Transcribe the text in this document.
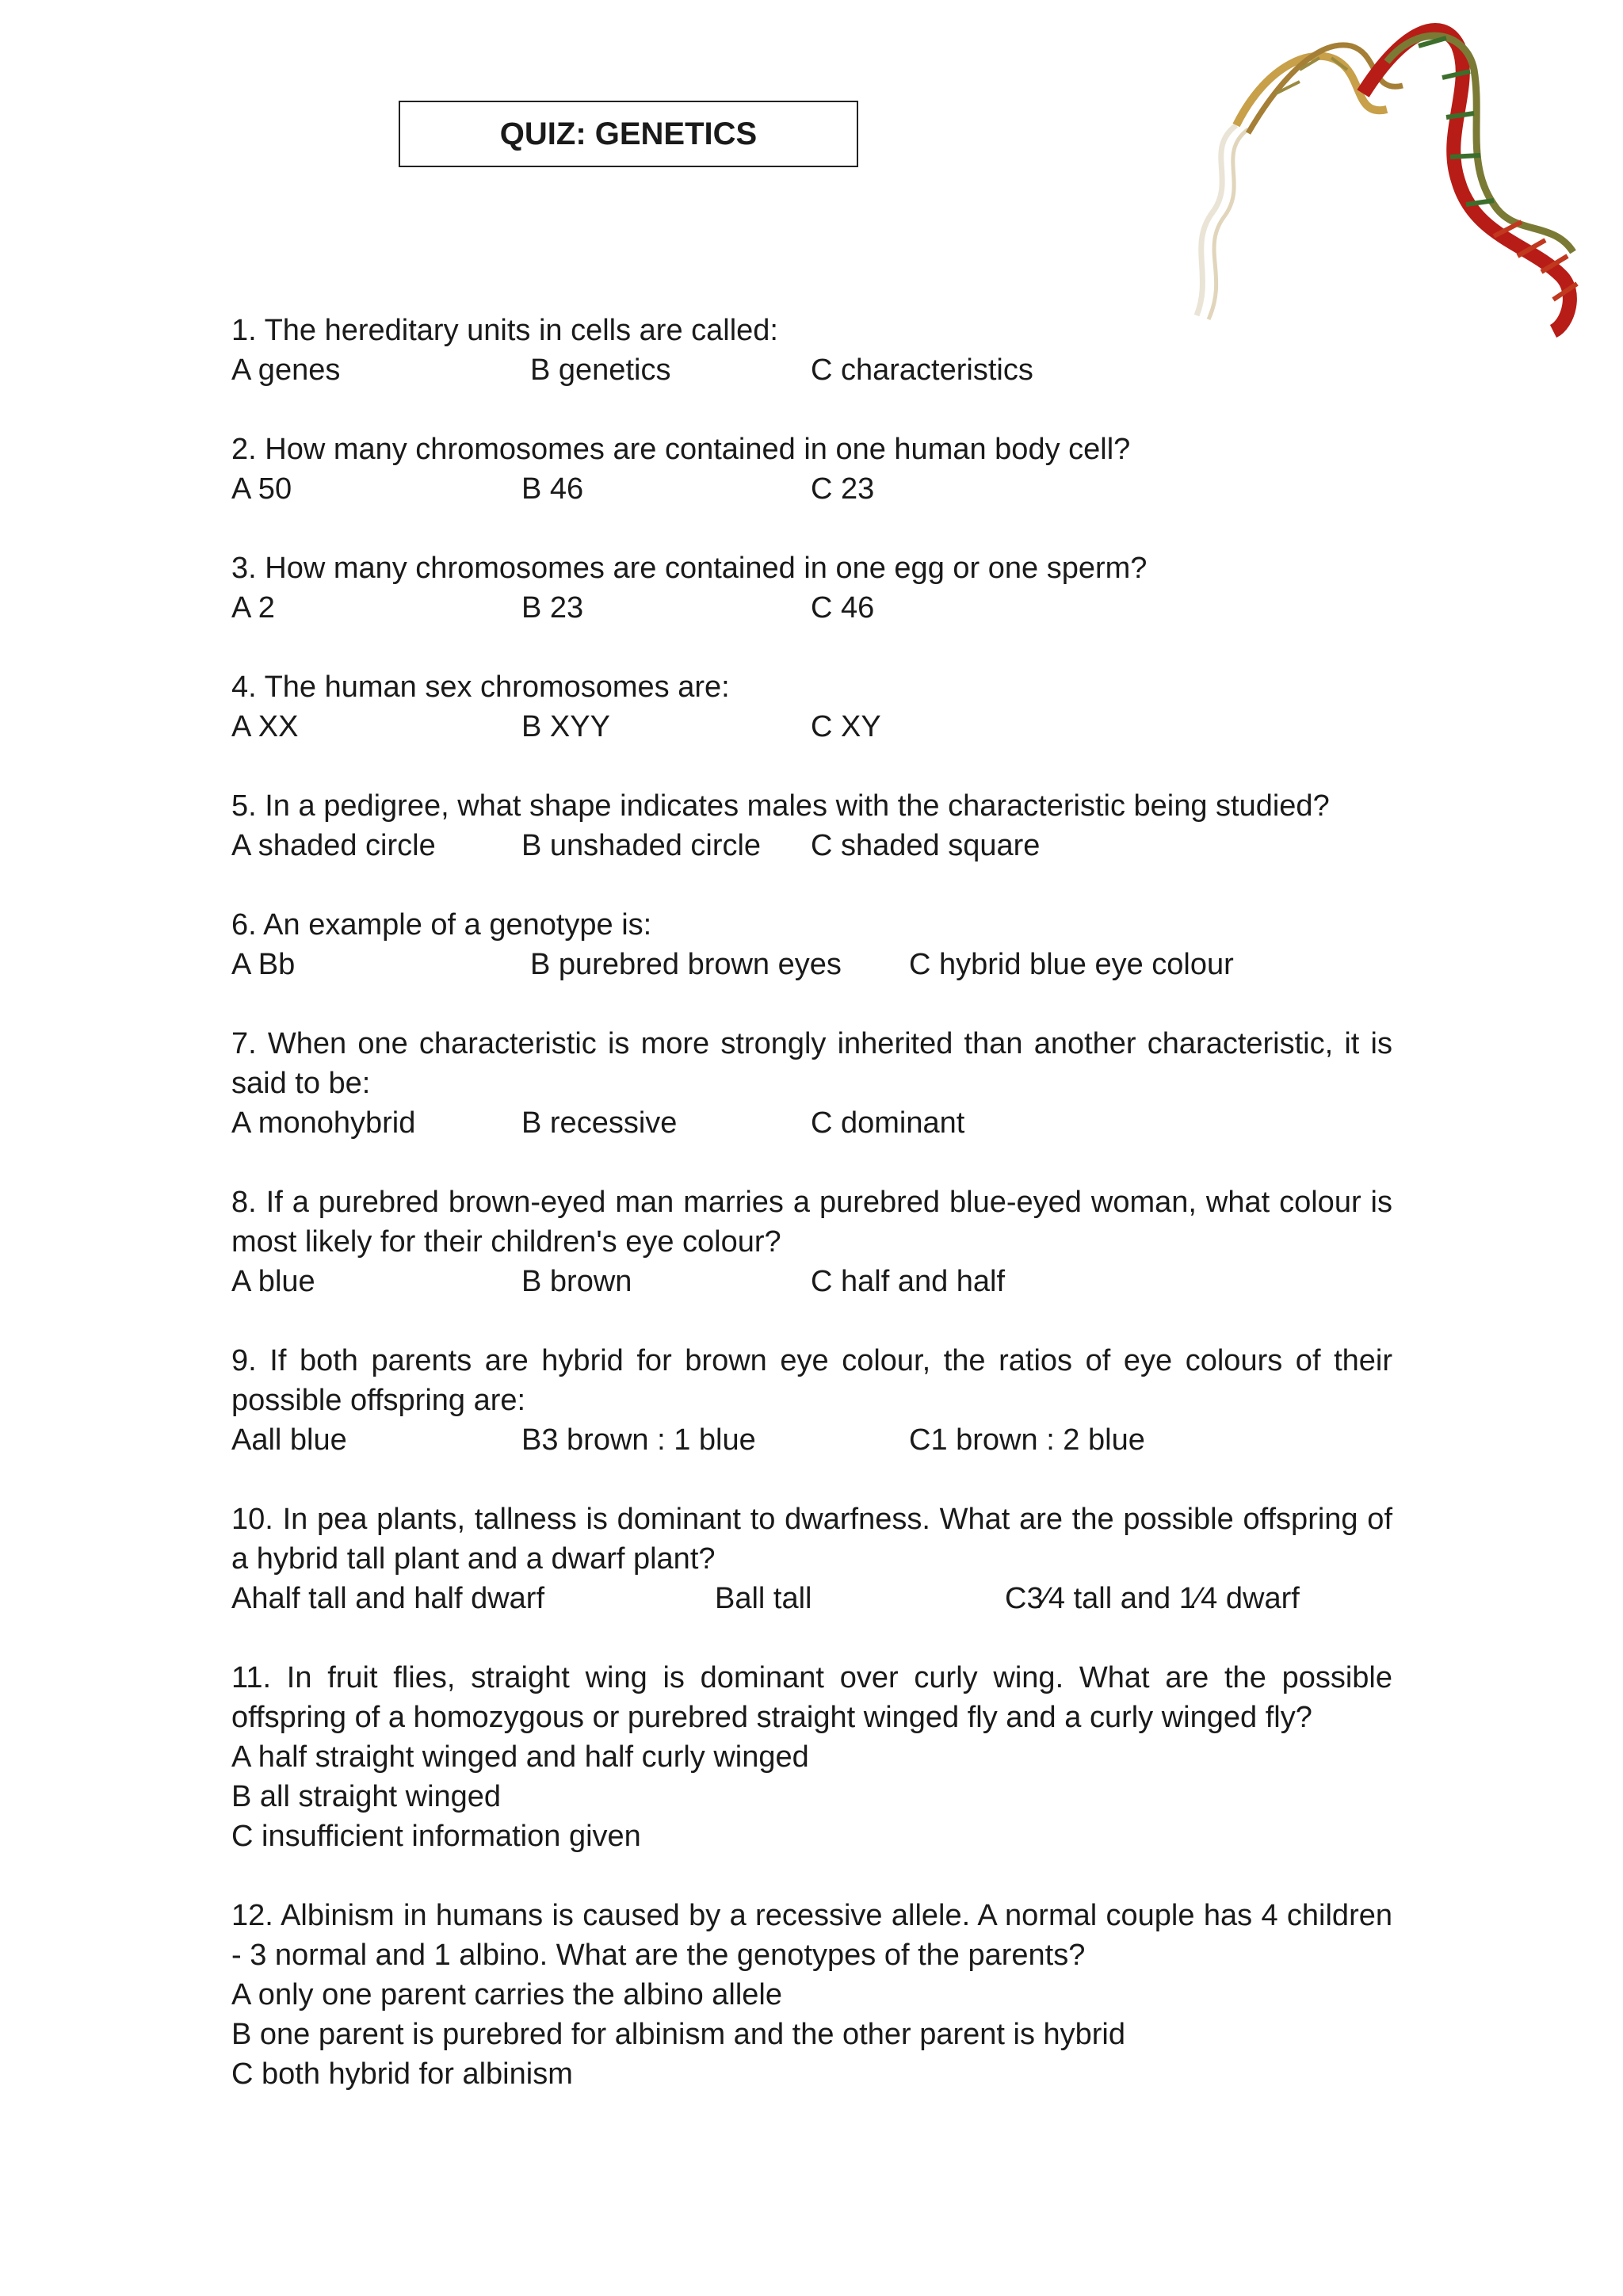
QUIZ: GENETICS
1. The hereditary units in cells are called:
A genes	B genetics	C characteristics
2. How many chromosomes are contained in one human body cell?
A 50	B 46	C 23
3. How many chromosomes are contained in one egg or one sperm?
A 2	B 23	C 46
4. The human sex chromosomes are:
A XX	B XYY	C XY
5. In a pedigree, what shape indicates males with the characteristic being studied?
A shaded circle	B unshaded circle C shaded square
6. An example of a genotype is:
A Bb	B purebred brown eyes C hybrid blue eye colour
7. When one characteristic is more strongly inherited than another characteristic, it is said to be:
A monohybrid	B recessive	C dominant
8. If a purebred brown-eyed man marries a purebred blue-eyed woman, what colour is most likely for their children's eye colour?
A blue	B brown	C half and half
9. If both parents are hybrid for brown eye colour, the ratios of eye colours of their possible offspring are:
Aall blue	B3 brown : 1 blue	C1 brown : 2 blue
10. In pea plants, tallness is dominant to dwarfness. What are the possible offspring of a hybrid tall plant and a dwarf plant?
Ahalf tall and half dwarf	Ball tall	C3⁄4 tall and 1⁄4 dwarf
11. In fruit flies, straight wing is dominant over curly wing. What are the possible offspring of a homozygous or purebred straight winged fly and a curly winged fly?
A half straight winged and half curly winged
B all straight winged
C insufficient information given
12. Albinism in humans is caused by a recessive allele. A normal couple has 4 children - 3 normal and 1 albino. What are the genotypes of the parents?
A only one parent carries the albino allele
B one parent is purebred for albinism and the other parent is hybrid
C both hybrid for albinism
